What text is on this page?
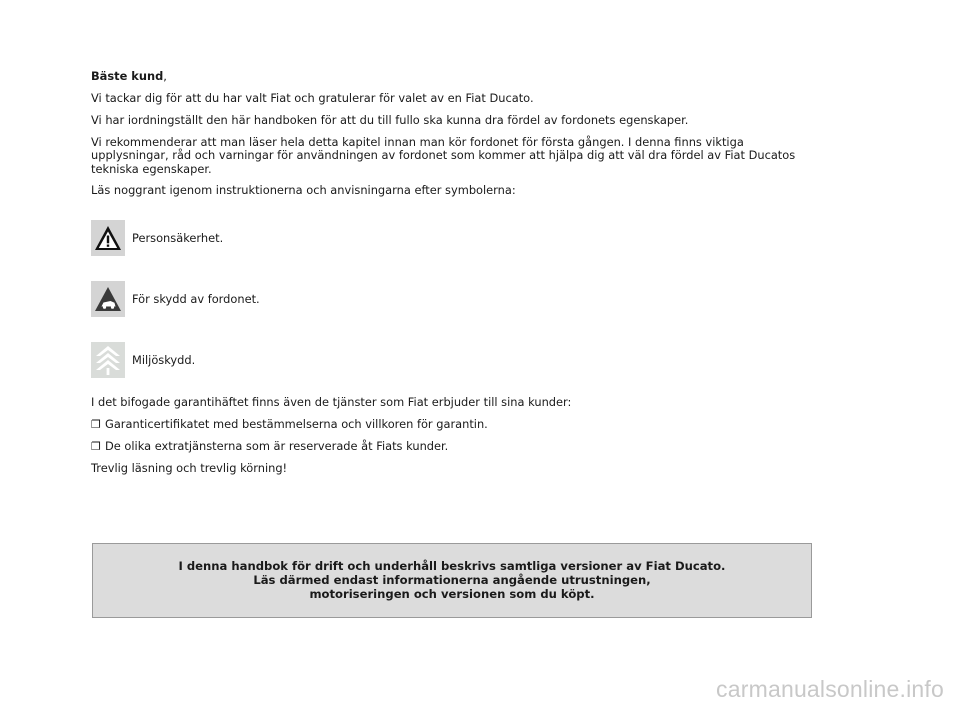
Bäste kund,

Vi tackar dig för att du har valt Fiat och gratulerar för valet av en Fiat Ducato.

Vi har iordningställt den här handboken för att du till fullo ska kunna dra fördel av fordonets egenskaper.

Vi rekommenderar att man läser hela detta kapitel innan man kör fordonet för första gången. I denna finns viktiga upplysningar, råd och varningar för användningen av fordonet som kommer att hjälpa dig att väl dra fördel av Fiat Ducatos tekniska egenskaper.

Läs noggrant igenom instruktionerna och anvisningarna efter symbolerna:

Personsäkerhet.
För skydd av fordonet.
Miljöskydd.

I det bifogade garantihäftet finns även de tjänster som Fiat erbjuder till sina kunder:

❐ Garanticertifikatet med bestämmelserna och villkoren för garantin.
❐ De olika extratjänsterna som är reserverade åt Fiats kunder.

Trevlig läsning och trevlig körning!

I denna handbok för drift och underhåll beskrivs samtliga versioner av Fiat Ducato.
Läs därmed endast informationerna angående utrustningen,
motoriseringen och versionen som du köpt.
carmanualsonline.info
